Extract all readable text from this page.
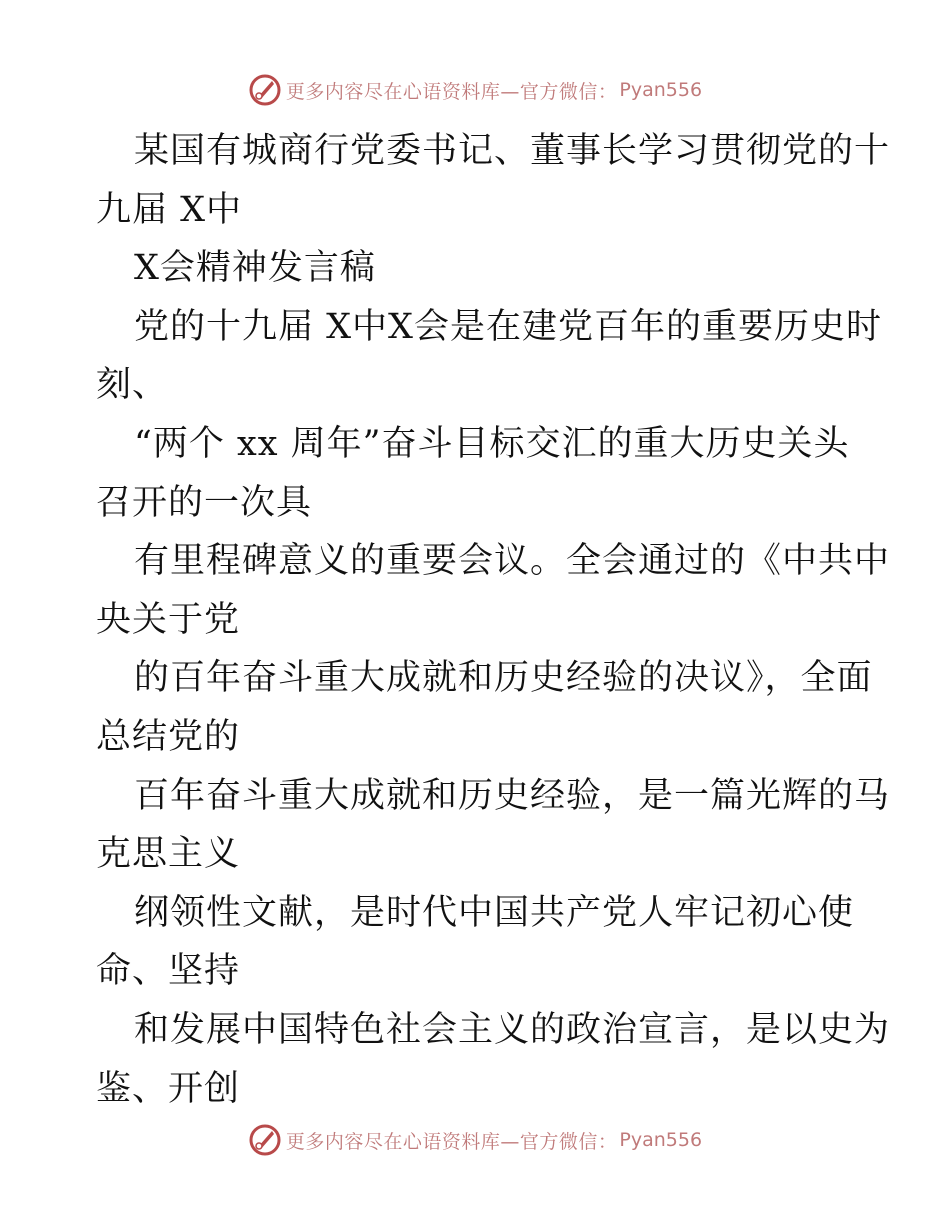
更多内容尽在心语资料库—官方微信： Pyan556
某国有城商行党委书记、董事长学习贯彻党的十
九届 X中
X会精神发言稿
党的十九届 X中X会是在建党百年的重要历史时
刻、
“两个 xx 周年”奋斗目标交汇的重大历史关头
召开的一次具
有里程碑意义的重要会议。全会通过的《中共中
央关于党
的百年奋斗重大成就和历史经验的决议》，全面
总结党的
百年奋斗重大成就和历史经验，是一篇光辉的马
克思主义
纲领性文献，是时代中国共产党人牢记初心使
命、坚持
和发展中国特色社会主义的政治宣言，是以史为
鉴、开创
更多内容尽在心语资料库—官方微信： Pyan556
